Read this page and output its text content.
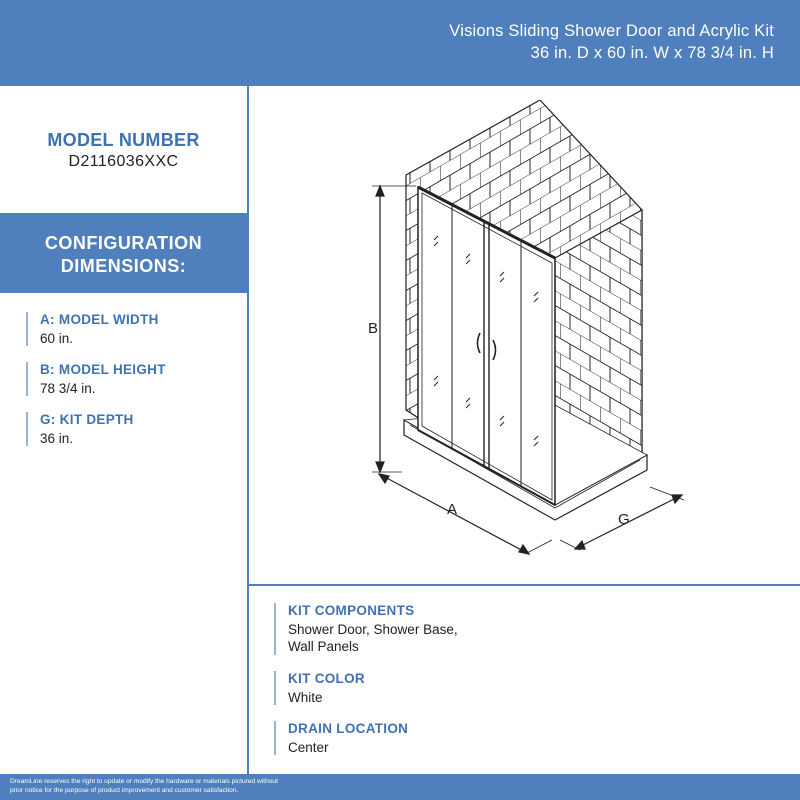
Visions Sliding Shower Door and Acrylic Kit
36 in. D x 60 in. W x 78 3/4 in. H
MODEL NUMBER
D2116036XXC
CONFIGURATION
DIMENSIONS:
A: MODEL WIDTH
60 in.
B: MODEL HEIGHT
78 3/4 in.
G: KIT DEPTH
36 in.
KIT COMPONENTS
Shower Door, Shower Base,
Wall Panels
KIT COLOR
White
DRAIN LOCATION
Center
B
A
G
DreamLine reserves the right to update or modify the hardware or materials pictured without
prior notice for the purpose of product improvement and customer satisfaction.
